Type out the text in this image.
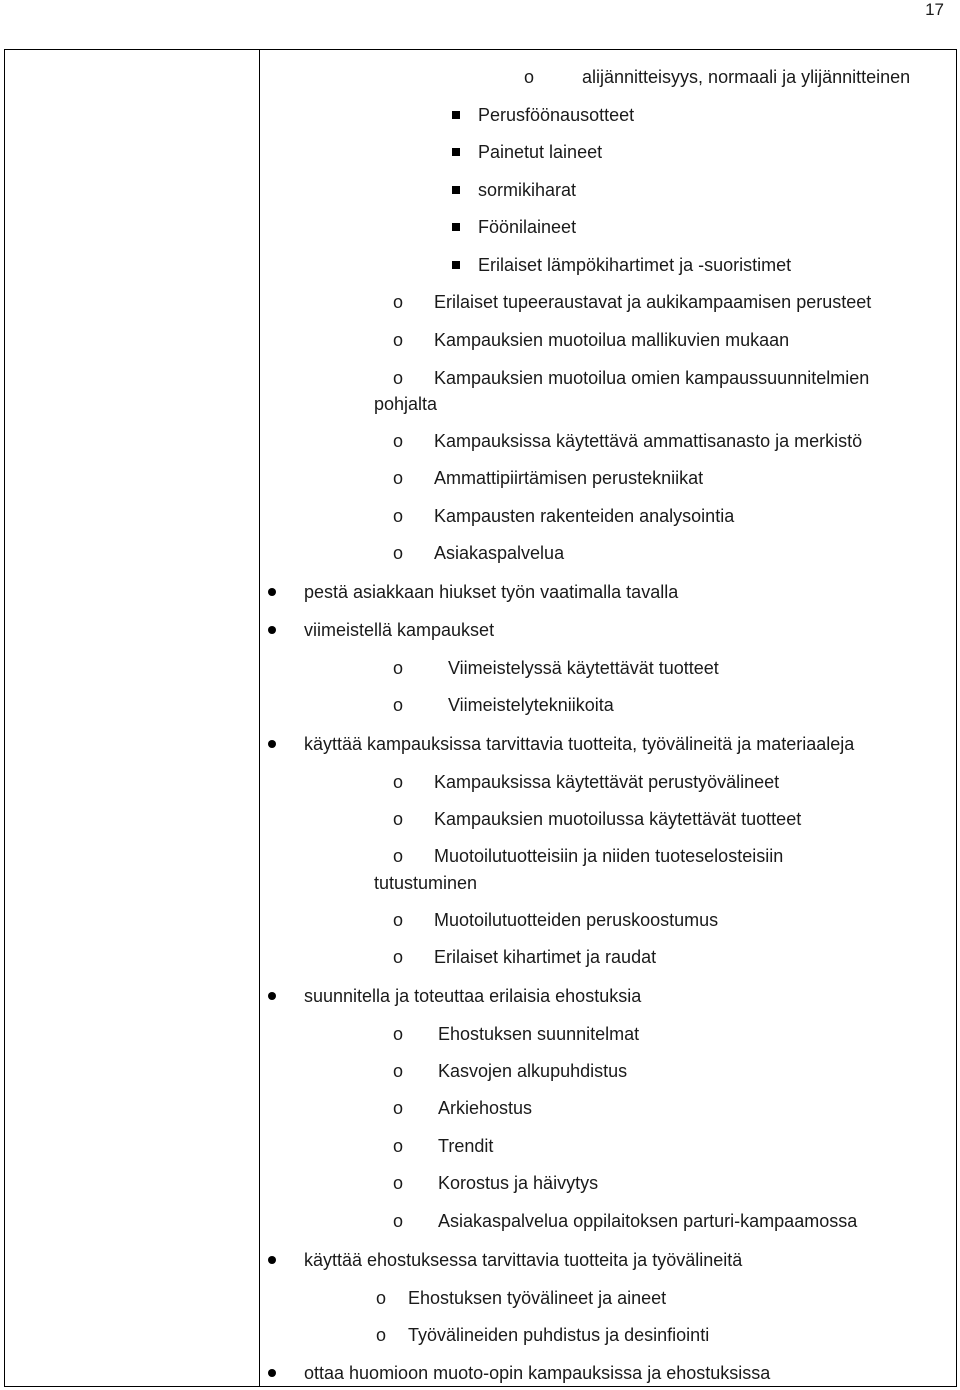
17
o	alijännitteisyys, normaali ja ylijännitteinen
Perusföönausotteet
Painetut laineet
sormikiharat
Föönilaineet
Erilaiset lämpökihartimet ja -suoristimet
o Erilaiset tupeeraustavat ja aukikampaamisen perusteet
o Kampauksien muotoilua mallikuvien mukaan
o Kampauksien muotoilua omien kampaussuunnitelmien
pohjalta
o Kampauksissa käytettävä ammattisanasto ja merkistö
o Ammattipiirtämisen perustekniikat
o Kampausten rakenteiden analysointia
o Asiakaspalvelua
pestä asiakkaan hiukset työn vaatimalla tavalla
viimeistellä kampaukset
o	Viimeistelyssä käytettävät tuotteet
o	Viimeistelytekniikoita
käyttää kampauksissa tarvittavia tuotteita, työvälineitä ja materiaaleja
o Kampauksissa käytettävät perustyövälineet
o Kampauksien muotoilussa käytettävät tuotteet
o Muotoilutuotteisiin ja niiden tuoteselosteisiin
tutustuminen
o Muotoilutuotteiden peruskoostumus
o Erilaiset kihartimet ja raudat
suunnitella ja toteuttaa erilaisia ehostuksia
o Ehostuksen suunnitelmat
o Kasvojen alkupuhdistus
o Arkiehostus
o Trendit
o Korostus ja häivytys
o Asiakaspalvelua oppilaitoksen parturi-kampaamossa
käyttää ehostuksessa tarvittavia tuotteita ja työvälineitä
o Ehostuksen työvälineet ja aineet
o Työvälineiden puhdistus ja desinfiointi
ottaa huomioon muoto-opin kampauksissa ja ehostuksissa
